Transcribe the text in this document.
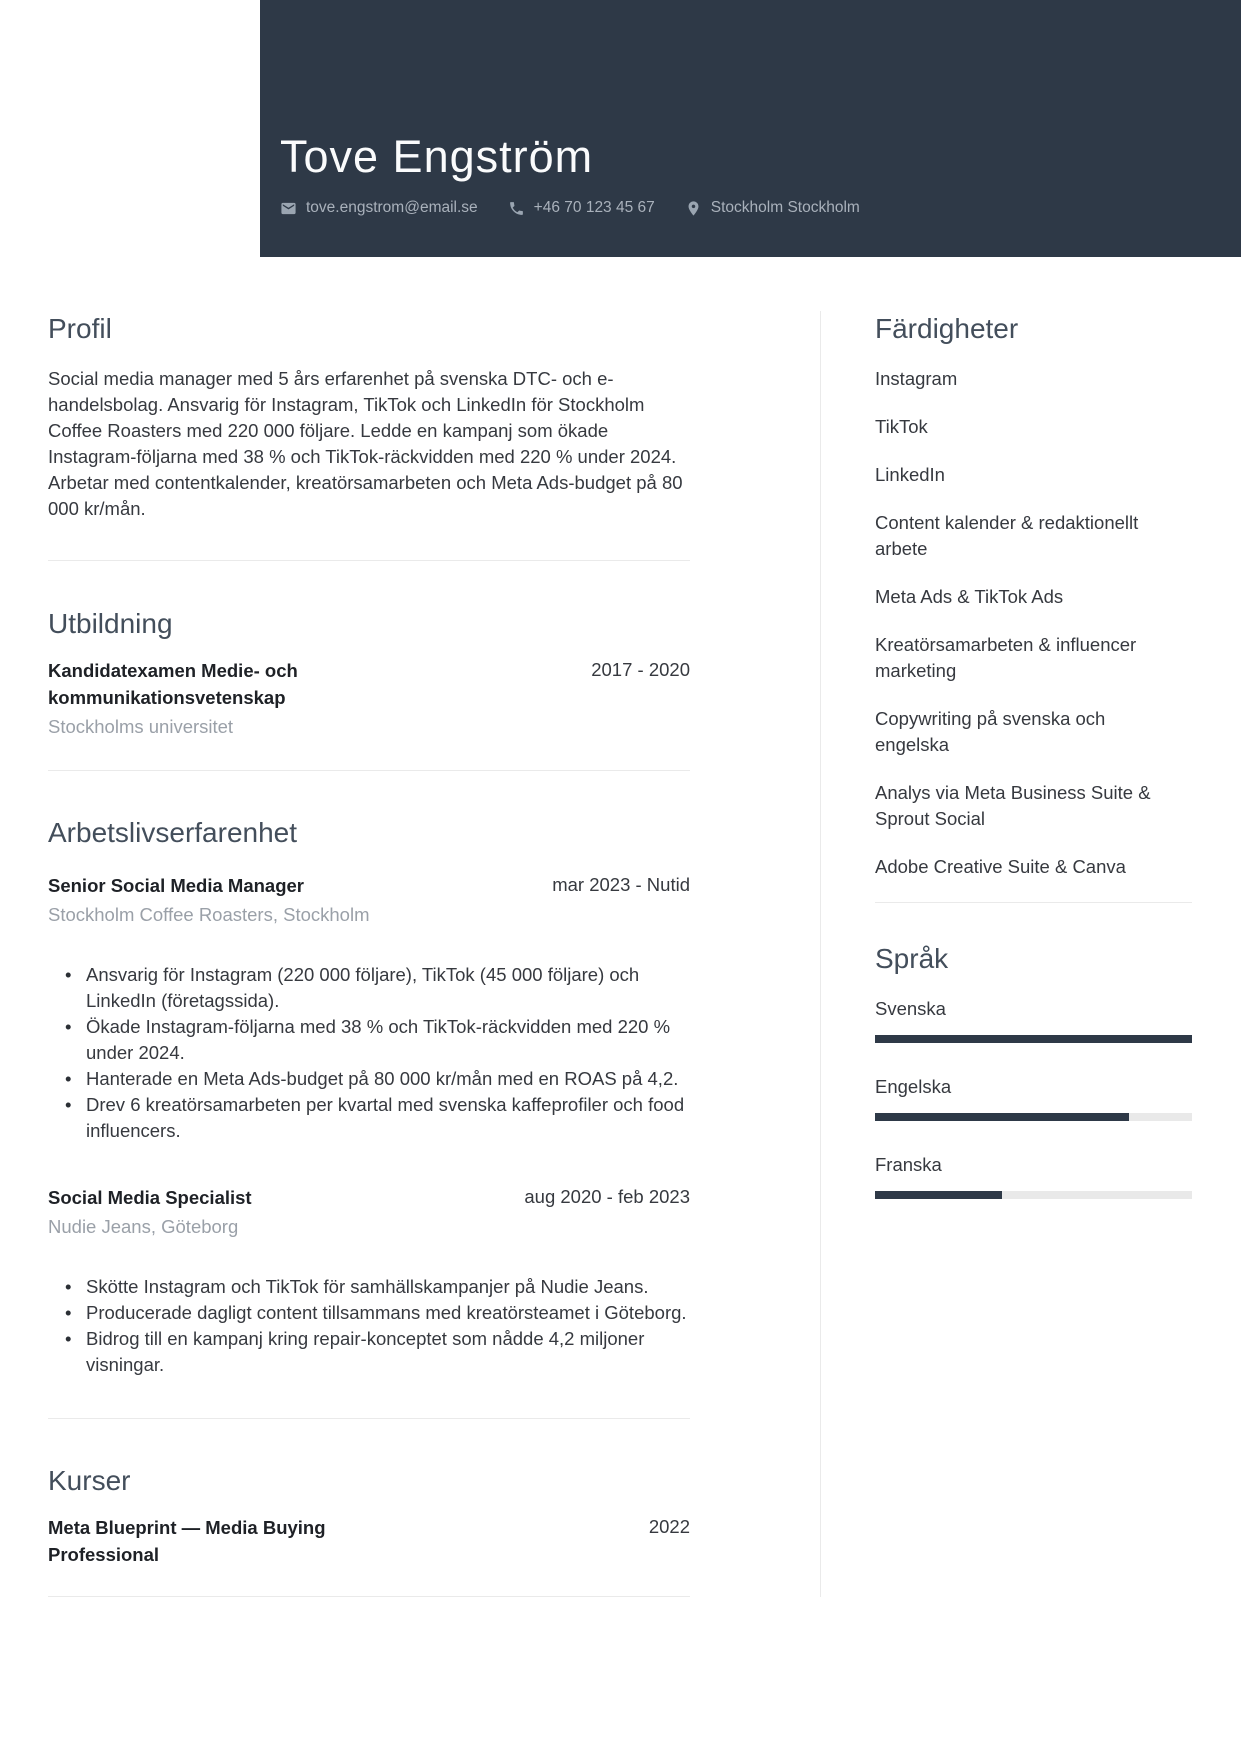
Tove Engström
tove.engstrom@email.se	+46 70 123 45 67	Stockholm Stockholm
Profil

Social media manager med 5 års erfarenhet på svenska DTC- och e-handelsbolag. Ansvarig för Instagram, TikTok och LinkedIn för Stockholm Coffee Roasters med 220 000 följare. Ledde en kampanj som ökade Instagram-följarna med 38 % och TikTok-räckvidden med 220 % under 2024. Arbetar med contentkalender, kreatörsamarbeten och Meta Ads-budget på 80 000 kr/mån.

Utbildning
Kandidatexamen Medie- och kommunikationsvetenskap
2017 - 2020
Stockholms universitet
Arbetslivserfarenhet
Senior Social Media Manager	mar 2023 - Nutid
Stockholm Coffee Roasters, Stockholm
• Ansvarig för Instagram (220 000 följare), TikTok (45 000 följare) och LinkedIn (företagssida).
• Ökade Instagram-följarna med 38 % och TikTok-räckvidden med 220 % under 2024.
• Hanterade en Meta Ads-budget på 80 000 kr/mån med en ROAS på 4,2.
• Drev 6 kreatörsamarbeten per kvartal med svenska kaffeprofiler och food influencers.
Social Media Specialist	aug 2020 - feb 2023
Nudie Jeans, Göteborg
• Skötte Instagram och TikTok för samhällskampanjer på Nudie Jeans.
• Producerade dagligt content tillsammans med kreatörsteamet i Göteborg.
• Bidrog till en kampanj kring repair-konceptet som nådde 4,2 miljoner visningar.
Kurser
Meta Blueprint — Media Buying Professional
2022
Färdigheter
Instagram
TikTok
LinkedIn
Content kalender & redaktionellt arbete
Meta Ads & TikTok Ads
Kreatörsamarbeten & influencer marketing
Copywriting på svenska och engelska
Analys via Meta Business Suite & Sprout Social
Adobe Creative Suite & Canva
Språk
Svenska
Engelska
Franska
